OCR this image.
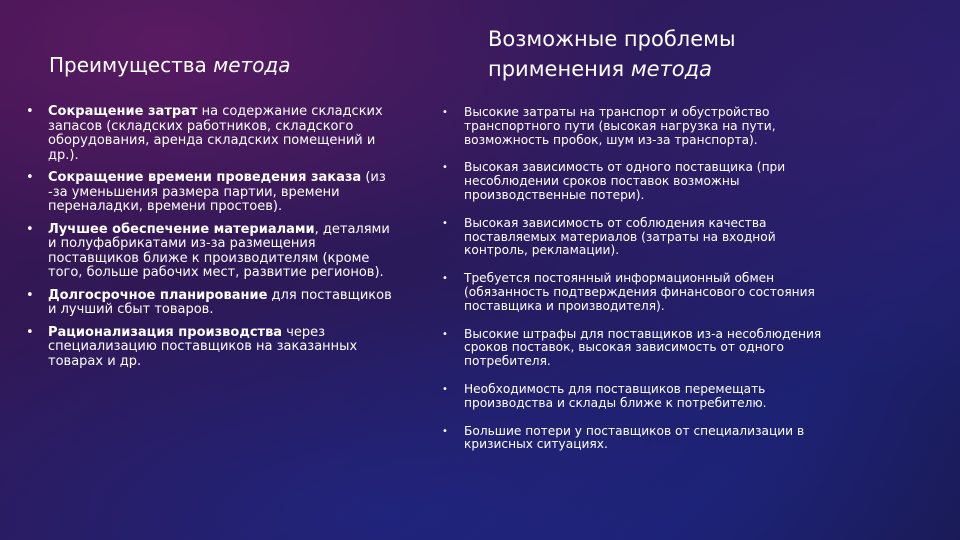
Преимущества метода
Возможные проблемы
применения метода
• Сокращение затрат на содержание складских запасов (складских работников, складского оборудования, аренда складских помещений и др.).
• Сокращение времени проведения заказа (из -за уменьшения размера партии, времени переналадки, времени простоев).
• Лучшее обеспечение материалами, деталями и полуфабрикатами из-за размещения поставщиков ближе к производителям (кроме того, больше рабочих мест, развитие регионов).
• Долгосрочное планирование для поставщиков и лучший сбыт товаров.
• Рационализация производства через специализацию поставщиков на заказанных товарах и др.
• Высокие затраты на транспорт и обустройство транспортного пути (высокая нагрузка на пути, возможность пробок, шум из-за транспорта).
• Высокая зависимость от одного поставщика (при несоблюдении сроков поставок возможны производственные потери).
• Высокая зависимость от соблюдения качества поставляемых материалов (затраты на входной контроль, рекламации).
• Требуется постоянный информационный обмен (обязанность подтверждения финансового состояния поставщика и производителя).
• Высокие штрафы для поставщиков из-а несоблюдения сроков поставок, высокая зависимость от одного потребителя.
• Необходимость для поставщиков перемещать производства и склады ближе к потребителю.
• Большие потери у поставщиков от специализации в кризисных ситуациях.
